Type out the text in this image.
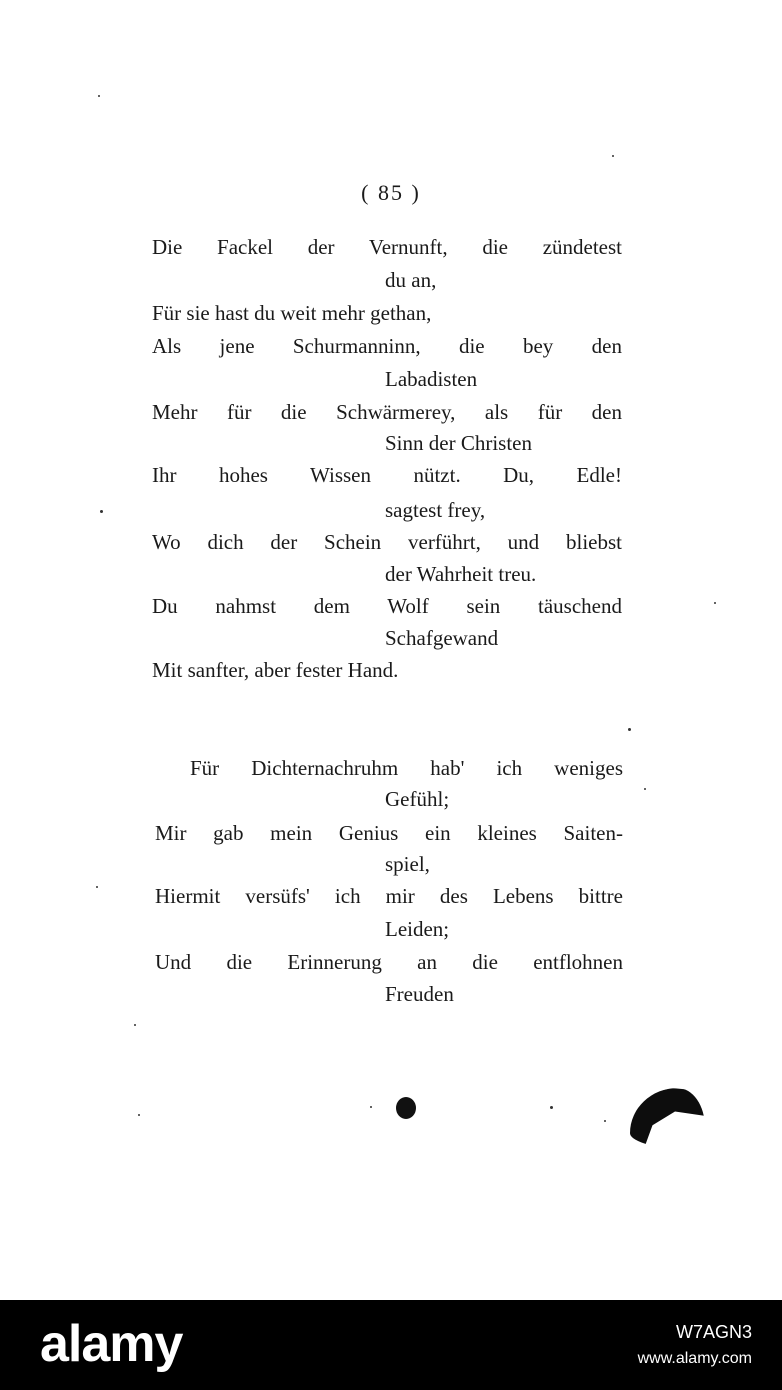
( 85 )
Die Fackel der Vernunft, die zündetest
du an,
Für sie hast du weit mehr gethan,
Als jene Schurmanninn, die bey den
Labadisten
Mehr für die Schwärmerey, als für den
Sinn der Christen
Ihr hohes Wissen nützt. Du, Edle!
sagtest frey,
Wo dich der Schein verführt, und bliebst
der Wahrheit treu.
Du nahmst dem Wolf sein täuschend
Schafgewand
Mit sanfter, aber fester Hand.
Für Dichternachruhm hab' ich weniges
Gefühl;
Mir gab mein Genius ein kleines Saiten-
spiel,
Hiermit versüfs' ich mir des Lebens bittre
Leiden;
Und die Erinnerung an die entflohnen
Freuden
alamy	W7AGN3
www.alamy.com
